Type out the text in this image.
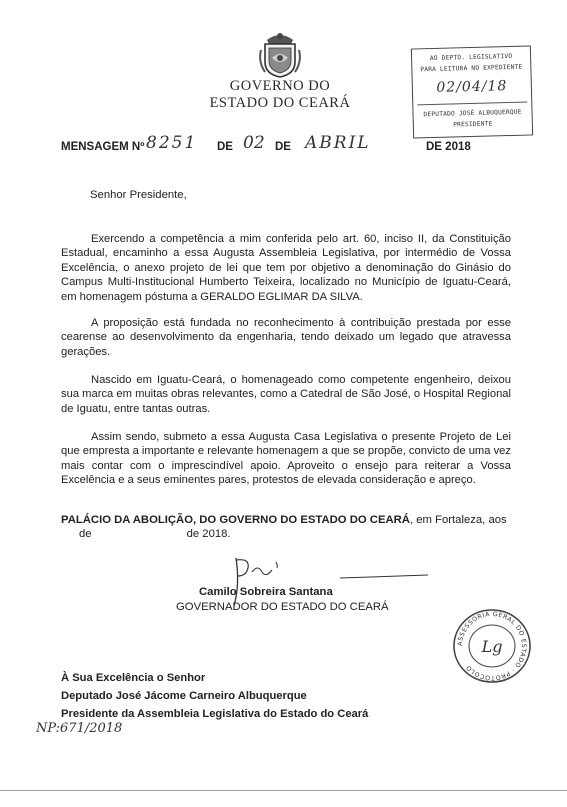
GOVERNO DO
ESTADO DO CEARÁ
AO DEPTO. LEGISLATIVO
PARA LEITURA NO EXPEDIENTE
02/04/18
DEPUTADO JOSÉ ALBUQUERQUE
PRESIDENTE
MENSAGEM Nº 8251 DE 02 DE ABRIL	DE 2018
Senhor Presidente,
Exercendo a competência a mim conferida pelo art. 60, inciso II, da Constituição Estadual, encaminho a essa Augusta Assembleia Legislativa, por intermédio de Vossa Excelência, o anexo projeto de lei que tem por objetivo a denominação do Ginásio do Campus Multi-Institucional Humberto Teixeira, localizado no Município de Iguatu-Ceará, em homenagem póstuma a GERALDO EGLIMAR DA SILVA.
A proposição está fundada no reconhecimento à contribuição prestada por esse cearense ao desenvolvimento da engenharia, tendo deixado um legado que atravessa gerações.
Nascido em Iguatu-Ceará, o homenageado como competente engenheiro, deixou sua marca em muitas obras relevantes, como a Catedral de São José, o Hospital Regional de Iguatu, entre tantas outras.
Assim sendo, submeto a essa Augusta Casa Legislativa o presente Projeto de Lei que empresta a importante e relevante homenagem a que se propõe, convicto de uma vez mais contar com o imprescindível apoio. Aproveito o ensejo para reiterar a Vossa Excelência e a seus eminentes pares, protestos de elevada consideração e apreço.
PALÁCIO DA ABOLIÇÃO, DO GOVERNO DO ESTADO DO CEARÁ, em Fortaleza, aos
de	de 2018.
Camilo Sobreira Santana
GOVERNADOR DO ESTADO DO CEARÁ
ASSESSORIA GERAL DO ESTADO · PROTOCOLO
Lg
À Sua Excelência o Senhor
Deputado José Jácome Carneiro Albuquerque
Presidente da Assembleia Legislativa do Estado do Ceará
NP:671/2018
